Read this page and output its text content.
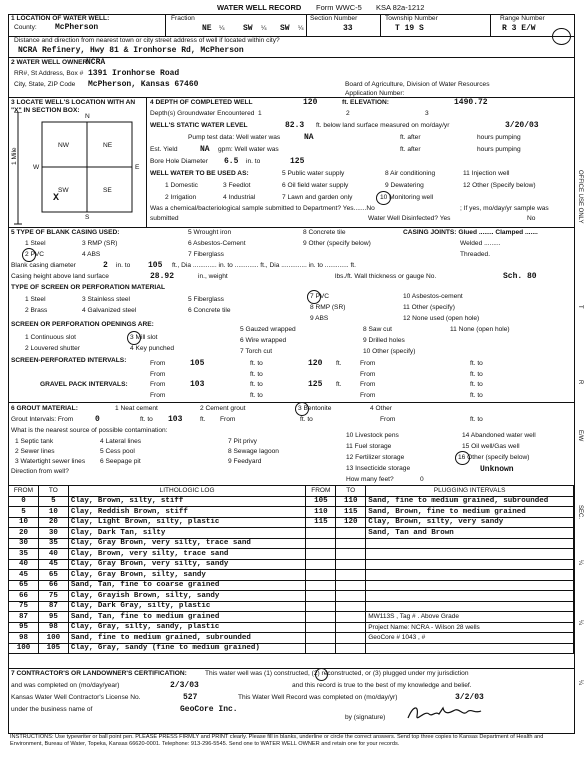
WATER WELL RECORD Form WWC-5 KSA 82a-1212
1 LOCATION OF WATER WELL:
County: McPherson
Fraction
NE ¼ SW ¼ SW ¼
Section Number
33
Township Number
T 19 S
Range Number
R 3 E/W
Distance and direction from nearest town or city street address of well if located within city?
NCRA Refinery, Hwy 81 & Ironhorse Rd, McPherson
2 WATER WELL OWNER
NCRA
RR#, St Address, Box # 1391 Ironhorse Road
City, State, ZIP Code McPherson, Kansas 67460	Board of Agriculture, Division of Water Resources
Application Number:
3 LOCATE WELL'S LOCATION WITH AN "X" IN SECTION BOX:
1 Mile
N
S
W	E
NW	NE
SW	SE
X
4 DEPTH OF COMPLETED WELL	120	ft. ELEVATION:	1490.72
Depth(s) Groundwater Encountered 1	2	3
WELL'S STATIC WATER LEVEL	82.3 ft. below land surface measured on mo/day/yr	3/20/03
Pump test data: Well water was	NA	ft. after	hours pumping
Est. Yield	NA gpm: Well water was	ft. after	hours pumping
Bore Hole Diameter 6.5 in. to	125
WELL WATER TO BE USED AS:	5 Public water supply	8 Air conditioning	11 Injection well
1 Domestic	3 Feedlot	6 Oil field water supply	9 Dewatering	12 Other (Specify below)
2 Irrigation	4 Industrial	7 Lawn and garden only	10 Monitoring well
Was a chemical/bacteriological sample submitted to Department? Yes.......No	; If yes, mo/day/yr sample was
submitted	Water Well Disinfected? Yes	No
5 TYPE OF BLANK CASING USED:	5 Wrought iron	8 Concrete tile
1 Steel	3 RMP (SR)	6 Asbestos-Cement	9 Other (specify below)
2 PVC	4 ABS	7 Fiberglass
CASING JOINTS: Glued ........ Clamped .......
Welded .........
Threaded.
Blank casing diameter	2 in. to 105 ft., Dia ............. in. to ............. ft., Dia .............. in. to ............. ft.
Casing height above land surface	28.92	in., weight	lbs./ft. Wall thickness or gauge No.	Sch. 80
TYPE OF SCREEN OR PERFORATION MATERIAL
1 Steel	3 Stainless steel	5 Fiberglass	7 PVC	10 Asbestos-cement
8 RMP (SR)	11 Other (specify)
2 Brass	4 Galvanized steel	6 Concrete tile
9 ABS	12 None used (open hole)
SCREEN OR PERFORATION OPENINGS ARE:
5 Gauzed wrapped	8 Saw cut	11 None (open hole)
1 Continuous slot	3 Mill slot	6 Wire wrapped	9 Drilled holes
2 Louvered shutter	4 Key punched	7 Torch cut	10 Other (specify)
SCREEN-PERFORATED INTERVALS:	From	105	ft. to	120 ft.	From	ft. to
From	ft. to	From	ft. to
GRAVEL PACK INTERVALS:	From	103	ft. to	125 ft.	From	ft. to
From	ft. to	From	ft. to
6 GROUT MATERIAL:	1 Neat cement	2 Cement grout	3 Bentonite	4 Other
Grout Intervals: From	0	ft. to 103	ft. From	ft. to	From	ft. to
What is the nearest source of possible contamination:
10 Livestock pens	14 Abandoned water well
1 Septic tank	4 Lateral lines	7 Pit privy
11 Fuel storage	15 Oil well/Gas well
2 Sewer lines	5 Cess pool	8 Sewage lagoon
12 Fertilizer storage	16 Other (specify below)
3 Watertight sewer lines 6 Seepage pit	9 Feedyard
13 Insecticide storage	Unknown
Direction from well?
How many feet?	0
FROM	TO	LITHOLOGIC LOG	FROM	TO	PLUGGING INTERVALS
0	5	Clay, Brown, silty, stiff	105	110	Sand, fine to medium grained, subrounded
5	10	Clay, Reddish Brown, stiff	110	115	Sand, Brown, fine to medium grained
10	20	Clay, Light Brown, silty, plastic	115	120	Clay, Brown, silty, very sandy
20	30	Clay, Dark Tan, silty			Sand, Tan and Brown
30	35	Clay, Gray Brown, very silty, trace sand			
35	40	Clay, Brown, very silty, trace sand			
40	45	Clay, Gray Brown, very silty, sandy			
45	65	Clay, Gray Brown, silty, sandy			
65	66	Sand, Tan, fine to coarse grained			
66	75	Clay, Grayish Brown, silty, sandy			
75	87	Clay, Dark Gray, silty, plastic			
87	95	Sand, Tan, fine to medium grained			MW113S , Tag # . Above Grade
95	98	Clay, Gray, silty, sandy, plastic			Project Name: NCRA - Wilson 28 wells
98	100	Sand, fine to medium grained, subrounded			GeoCore # 1043 , #
100	105	Clay, Gray, sandy (fine to medium grained)			
7 CONTRACTOR'S OR LANDOWNER'S CERTIFICATION:	This water well was (1) constructed, (2) reconstructed, or (3) plugged under my jurisdiction
and was completed on (mo/day/year)	2/3/03	and this record is true to the best of my knowledge and belief.
Kansas Water Well Contractor's License No.	527	This Water Well Record was completed on (mo/day/yr)	3/2/03
under the business name of	GeoCore Inc.
by (signature)
INSTRUCTIONS: Use typewriter or ball point pen. PLEASE PRESS FIRMLY and PRINT clearly. Please fill in blanks, underline or circle the correct answers. Send top three copies to Kansas Department of Health and Environment, Bureau of Water, Topeka, Kansas 66620-0001. Telephone: 913-296-5545. Send one to WATER WELL OWNER and retain one for your records.
OFFICE USE ONLY
T
R
E/W
SEC.
¼
¼
¼
